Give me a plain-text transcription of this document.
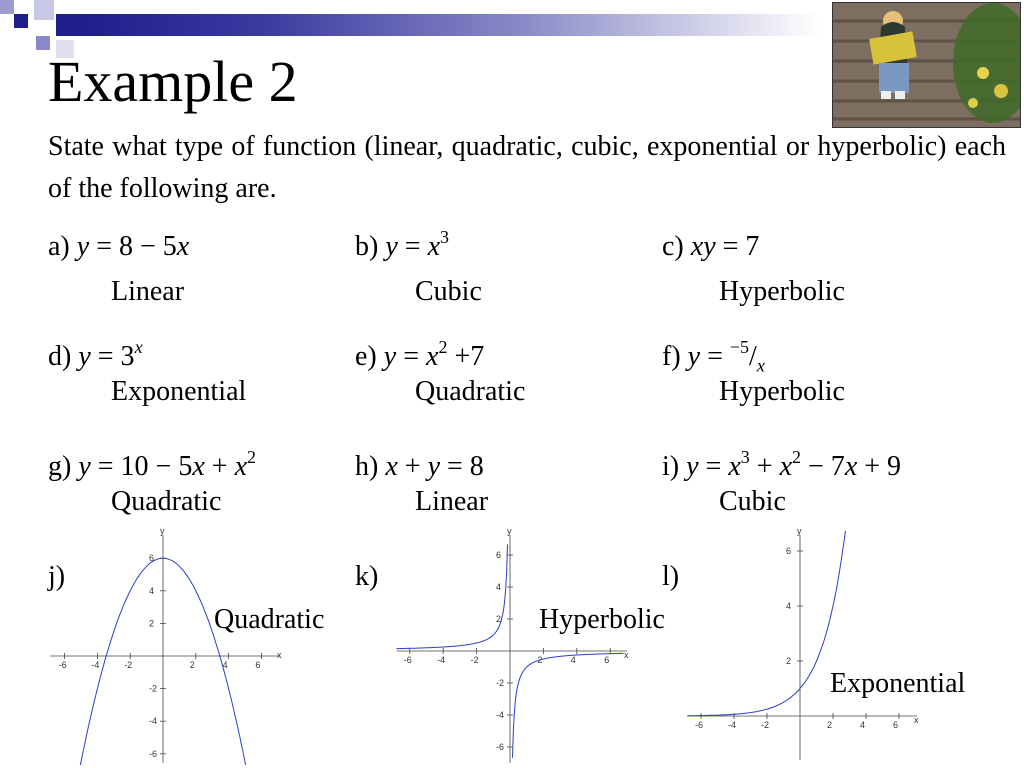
Example 2
State what type of function (linear, quadratic, cubic, exponential or hyperbolic) each of the following are.
a) y = 8 − 5x
Linear
b) $y = x^3$
Cubic
c) xy = 7
Hyperbolic
d) $y = 3^x$
Exponential
e) $y = x^2 +7$
Quadratic
f) $y = ^{-5}/_x$
Hyperbolic
g) $y = 10 - 5x + x^2$
Quadratic
h) x + y = 8
Linear
i) $y = x^3 + x^2 - 7x + 9$
Cubic
j)	k)	l)
y
x
-6	-4	-2	2	4	6
6
4
2
-2
-4
-6
Quadratic
y
x
-6	-4	-2	2	4	6
6
4
2
-2
-4
-6
Hyperbolic
y
x
-6	-4	-2	2	4	6
6
4
2
Exponential
